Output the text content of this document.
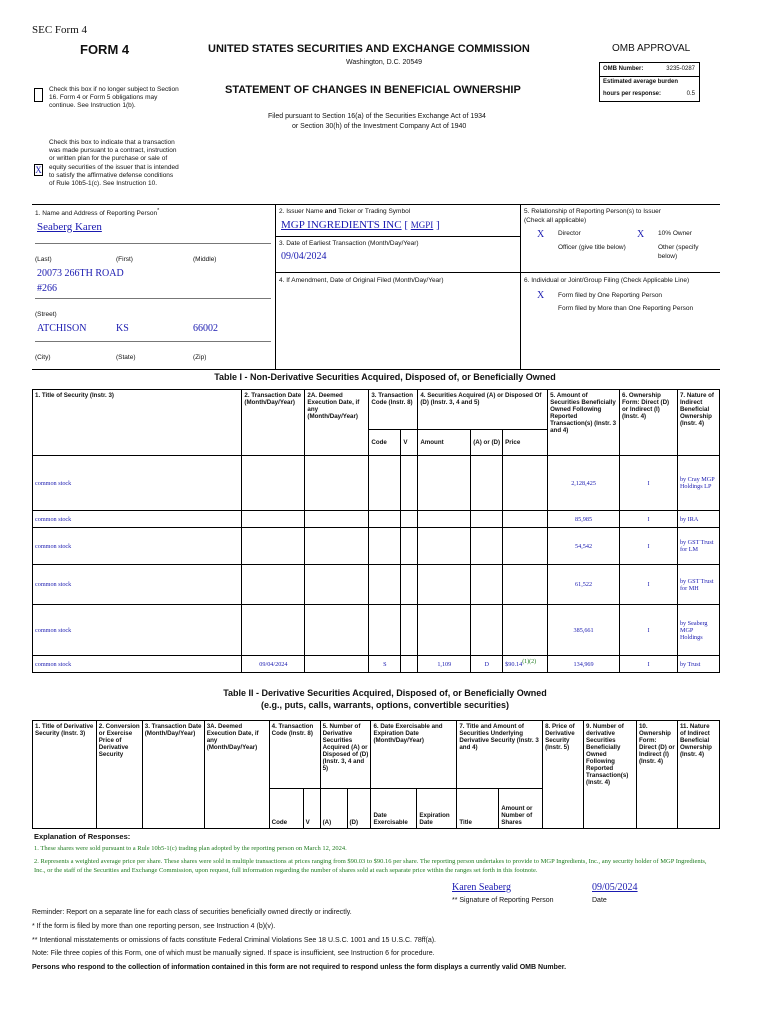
SEC Form 4
FORM 4	UNITED STATES SECURITIES AND EXCHANGE COMMISSION
Washington, D.C. 20549
STATEMENT OF CHANGES IN BENEFICIAL OWNERSHIP
Filed pursuant to Section 16(a) of the Securities Exchange Act of 1934
or Section 30(h) of the Investment Company Act of 1940
Check this box if no longer subject to Section 16. Form 4 or Form 5 obligations may continue. See Instruction 1(b).
X
Check this box to indicate that a transaction was made pursuant to a contract, instruction or written plan for the purchase or sale of equity securities of the issuer that is intended to satisfy the affirmative defense conditions of Rule 10b5-1(c). See Instruction 10.
OMB APPROVAL
OMB Number:	3235-0287
Estimated average burden
hours per response:	0.5
1. Name and Address of Reporting Person*
Seaberg Karen
(Last)	(First)	(Middle)
20073 266TH ROAD
#266
(Street)
ATCHISON	KS	66002
(City)	(State)	(Zip)
2. Issuer Name and Ticker or Trading Symbol
MGP INGREDIENTS INC [ MGPI ]
3. Date of Earliest Transaction (Month/Day/Year)
09/04/2024
4. If Amendment, Date of Original Filed (Month/Day/Year)
5. Relationship of Reporting Person(s) to Issuer
(Check all applicable)
X Director	X 10% Owner
Officer (give title below)	Other (specify below)
6. Individual or Joint/Group Filing (Check Applicable Line)
X Form filed by One Reporting Person
Form filed by More than One Reporting Person
Table I - Non-Derivative Securities Acquired, Disposed of, or Beneficially Owned
1. Title of Security (Instr. 3)	2. Transaction Date (Month/Day/Year)	2A. Deemed Execution Date, if any (Month/Day/Year)	3. Transaction Code (Instr. 8)		4. Securities Acquired (A) or Disposed Of (D) (Instr. 3, 4 and 5)			5. Amount of Securities Beneficially Owned Following Reported Transaction(s) (Instr. 3 and 4)	6. Ownership Form: Direct (D) or Indirect (I) (Instr. 4)	7. Nature of Indirect Beneficial Ownership (Instr. 4)
			Code	V	Amount	(A) or (D)	Price			
common stock								2,128,425	I	by Cray MGP Holdings LP
common stock								85,985	I	by IRA
common stock								54,542	I	by GST Trust for LM
common stock								61,522	I	by GST Trust for MH
common stock								385,661	I	by Seaberg MGP Holdings
common stock	09/04/2024		S		1,109	D	$\$90.14^{(1)(2)}$	134,969	I	by Trust
Table II - Derivative Securities Acquired, Disposed of, or Beneficially Owned
(e.g., puts, calls, warrants, options, convertible securities)
1. Title of Derivative Security (Instr. 3)	2. Conversion or Exercise Price of Derivative Security	3. Transaction Date (Month/Day/Year)	3A. Deemed Execution Date, if any (Month/Day/Year)	4. Transaction Code (Instr. 8)		5. Number of Derivative Securities Acquired (A) or Disposed of (D) (Instr. 3, 4 and 5)		6. Date Exercisable and Expiration Date (Month/Day/Year)		7. Title and Amount of Securities Underlying Derivative Security (Instr. 3 and 4)		8. Price of Derivative Security (Instr. 5)	9. Number of derivative Securities Beneficially Owned Following Reported Transaction(s) (Instr. 4)	10. Ownership Form: Direct (D) or Indirect (I) (Instr. 4)	11. Nature of Indirect Beneficial Ownership (Instr. 4)
				Code	V	(A)	(D)	Date Exercisable	Expiration Date	Title	Amount or Number of Shares				
Explanation of Responses:
1. These shares were sold pursuant to a Rule 10b5-1(c) trading plan adopted by the reporting person on March 12, 2024.
2. Represents a weighted average price per share. These shares were sold in multiple transactions at prices ranging from $90.03 to $90.16 per share. The reporting person undertakes to provide to MGP Ingredients, Inc., any security holder of MGP Ingredients, Inc., or the staff of the Securities and Exchange Commission, upon request, full information regarding the number of shares sold at each separate price within the ranges set forth in this footnote.
Karen Seaberg	09/05/2024
** Signature of Reporting Person	Date
Reminder: Report on a separate line for each class of securities beneficially owned directly or indirectly.
* If the form is filed by more than one reporting person, see Instruction 4 (b)(v).
** Intentional misstatements or omissions of facts constitute Federal Criminal Violations See 18 U.S.C. 1001 and 15 U.S.C. 78ff(a).
Note: File three copies of this Form, one of which must be manually signed. If space is insufficient, see Instruction 6 for procedure.
Persons who respond to the collection of information contained in this form are not required to respond unless the form displays a currently valid OMB Number.
